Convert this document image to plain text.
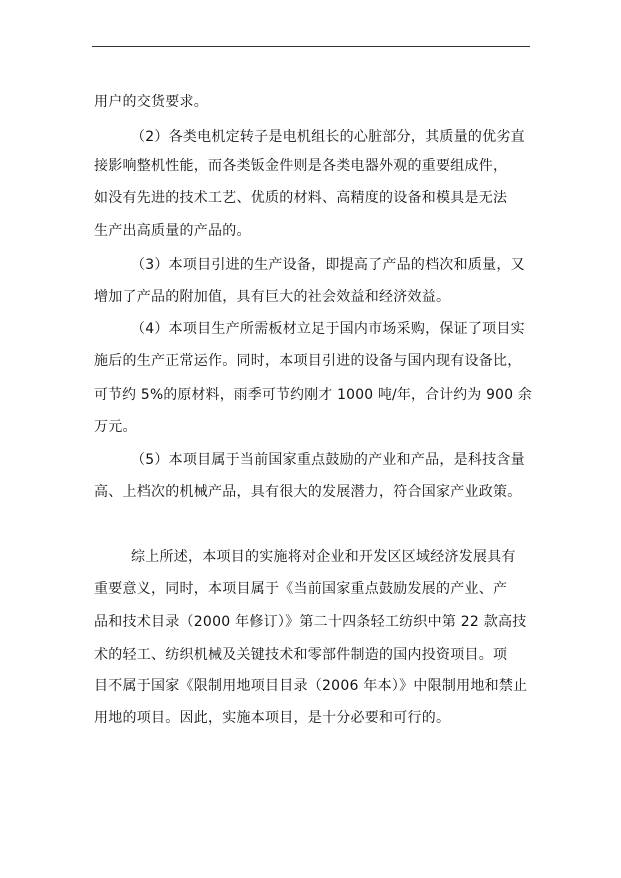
用户的交货要求。
（2）各类电机定转子是电机组长的心脏部分，其质量的优劣直
接影响整机性能，而各类钣金件则是各类电器外观的重要组成件，
如没有先进的技术工艺、优质的材料、高精度的设备和模具是无法
生产出高质量的产品的。
（3）本项目引进的生产设备，即提高了产品的档次和质量，又
增加了产品的附加值，具有巨大的社会效益和经济效益。
（4）本项目生产所需板材立足于国内市场采购，保证了项目实
施后的生产正常运作。同时，本项目引进的设备与国内现有设备比，
可节约 5%的原材料，雨季可节约刚才 1000 吨/年，合计约为 900 余
万元。
（5）本项目属于当前国家重点鼓励的产业和产品，是科技含量
高、上档次的机械产品，具有很大的发展潜力，符合国家产业政策。
综上所述，本项目的实施将对企业和开发区区域经济发展具有
重要意义，同时，本项目属于《当前国家重点鼓励发展的产业、产
品和技术目录（2000 年修订）》第二十四条轻工纺织中第 22 款高技
术的轻工、纺织机械及关键技术和零部件制造的国内投资项目。项
目不属于国家《限制用地项目目录（2006 年本）》中限制用地和禁止
用地的项目。因此，实施本项目，是十分必要和可行的。
